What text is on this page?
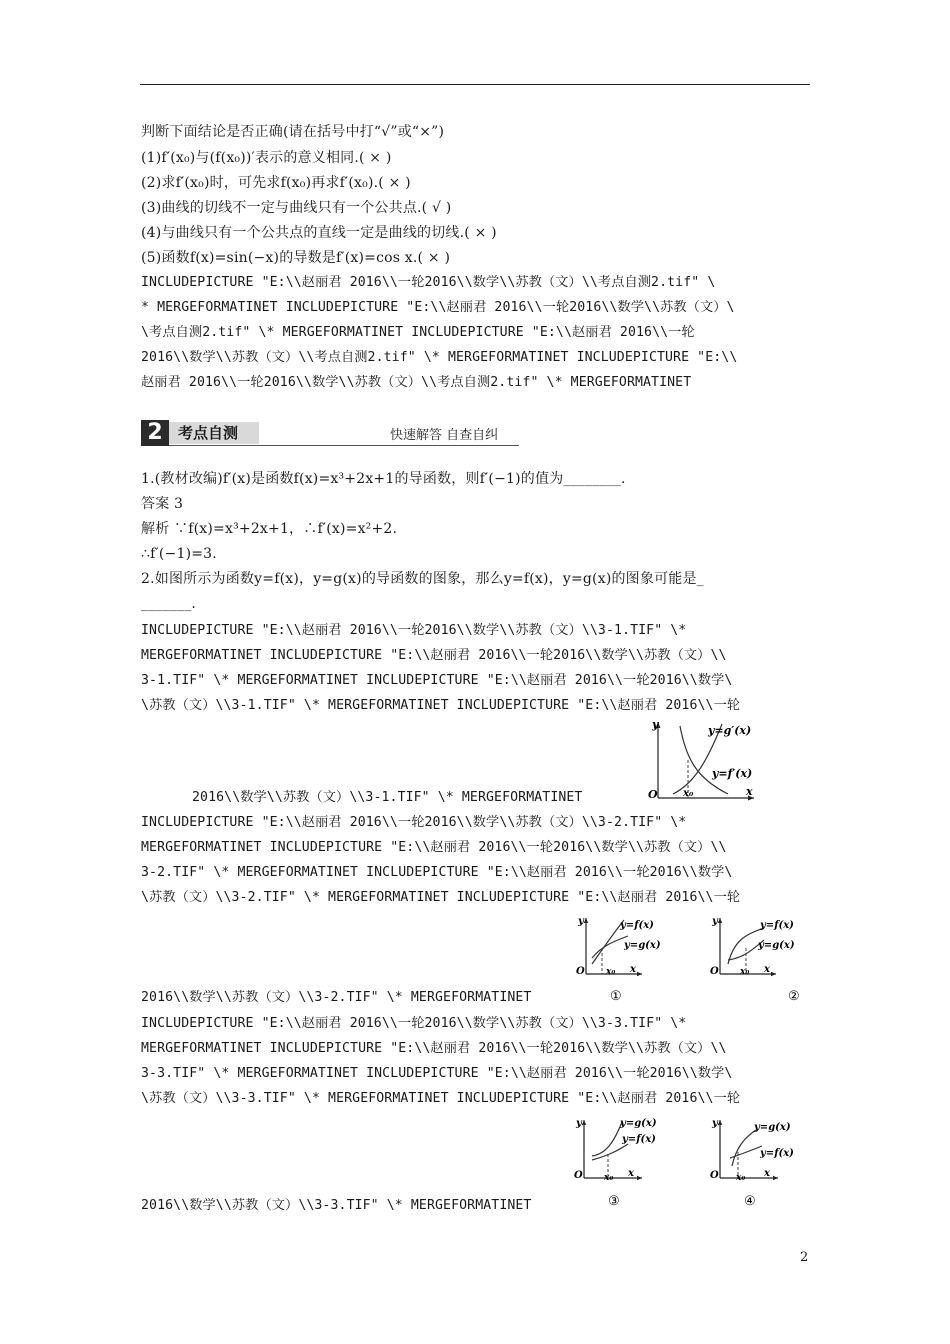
判断下面结论是否正确(请在括号中打“√”或“×”)
(1)f′(x₀)与(f(x₀))′表示的意义相同.( × )
(2)求f′(x₀)时，可先求f(x₀)再求f′(x₀).( × )
(3)曲线的切线不一定与曲线只有一个公共点.( √ )
(4)与曲线只有一个公共点的直线一定是曲线的切线.( × )
(5)函数f(x)=sin(−x)的导数是f′(x)=cos x.( × )
INCLUDEPICTURE "E:\\赵丽君 2016\\一轮2016\\数学\\苏教（文）\\考点自测2.tif" \
* MERGEFORMATINET INCLUDEPICTURE "E:\\赵丽君 2016\\一轮2016\\数学\\苏教（文）\
\考点自测2.tif" \* MERGEFORMATINET INCLUDEPICTURE "E:\\赵丽君 2016\\一轮
2016\\数学\\苏教（文）\\考点自测2.tif" \* MERGEFORMATINET INCLUDEPICTURE "E:\\
赵丽君 2016\\一轮2016\\数学\\苏教（文）\\考点自测2.tif" \* MERGEFORMATINET
2	考点自测	快速解答 自查自纠
1.(教材改编)f′(x)是函数f(x)=x³+2x+1的导函数，则f′(−1)的值为________.
答案 3
解析 ∵f(x)=x³+2x+1，∴f′(x)=x²+2.
∴f′(−1)=3.
2.如图所示为函数y=f(x)，y=g(x)的导函数的图象，那么y=f(x)，y=g(x)的图象可能是_
_______.
INCLUDEPICTURE "E:\\赵丽君 2016\\一轮2016\\数学\\苏教（文）\\3-1.TIF" \*
MERGEFORMATINET INCLUDEPICTURE "E:\\赵丽君 2016\\一轮2016\\数学\\苏教（文）\\
3-1.TIF" \* MERGEFORMATINET INCLUDEPICTURE "E:\\赵丽君 2016\\一轮2016\\数学\
\苏教（文）\\3-1.TIF" \* MERGEFORMATINET INCLUDEPICTURE "E:\\赵丽君 2016\\一轮
2016\\数学\\苏教（文）\\3-1.TIF" \* MERGEFORMATINET
y
x
O	x₀
y=g′(x)
y=f′(x)
INCLUDEPICTURE "E:\\赵丽君 2016\\一轮2016\\数学\\苏教（文）\\3-2.TIF" \*
MERGEFORMATINET INCLUDEPICTURE "E:\\赵丽君 2016\\一轮2016\\数学\\苏教（文）\\
3-2.TIF" \* MERGEFORMATINET INCLUDEPICTURE "E:\\赵丽君 2016\\一轮2016\\数学\
\苏教（文）\\3-2.TIF" \* MERGEFORMATINET INCLUDEPICTURE "E:\\赵丽君 2016\\一轮
2016\\数学\\苏教（文）\\3-2.TIF" \* MERGEFORMATINET
y
x
O x₀
y=f(x)
y=g(x)
①
y
x
O x₀
y=f(x)
y=g(x)
②
INCLUDEPICTURE "E:\\赵丽君 2016\\一轮2016\\数学\\苏教（文）\\3-3.TIF" \*
MERGEFORMATINET INCLUDEPICTURE "E:\\赵丽君 2016\\一轮2016\\数学\\苏教（文）\\
3-3.TIF" \* MERGEFORMATINET INCLUDEPICTURE "E:\\赵丽君 2016\\一轮2016\\数学\
\苏教（文）\\3-3.TIF" \* MERGEFORMATINET INCLUDEPICTURE "E:\\赵丽君 2016\\一轮
2016\\数学\\苏教（文）\\3-3.TIF" \* MERGEFORMATINET
y
x
O x₀
y=g(x)
y=f(x)
③
y
x
O x₀
y=g(x)
y=f(x)
④
2
